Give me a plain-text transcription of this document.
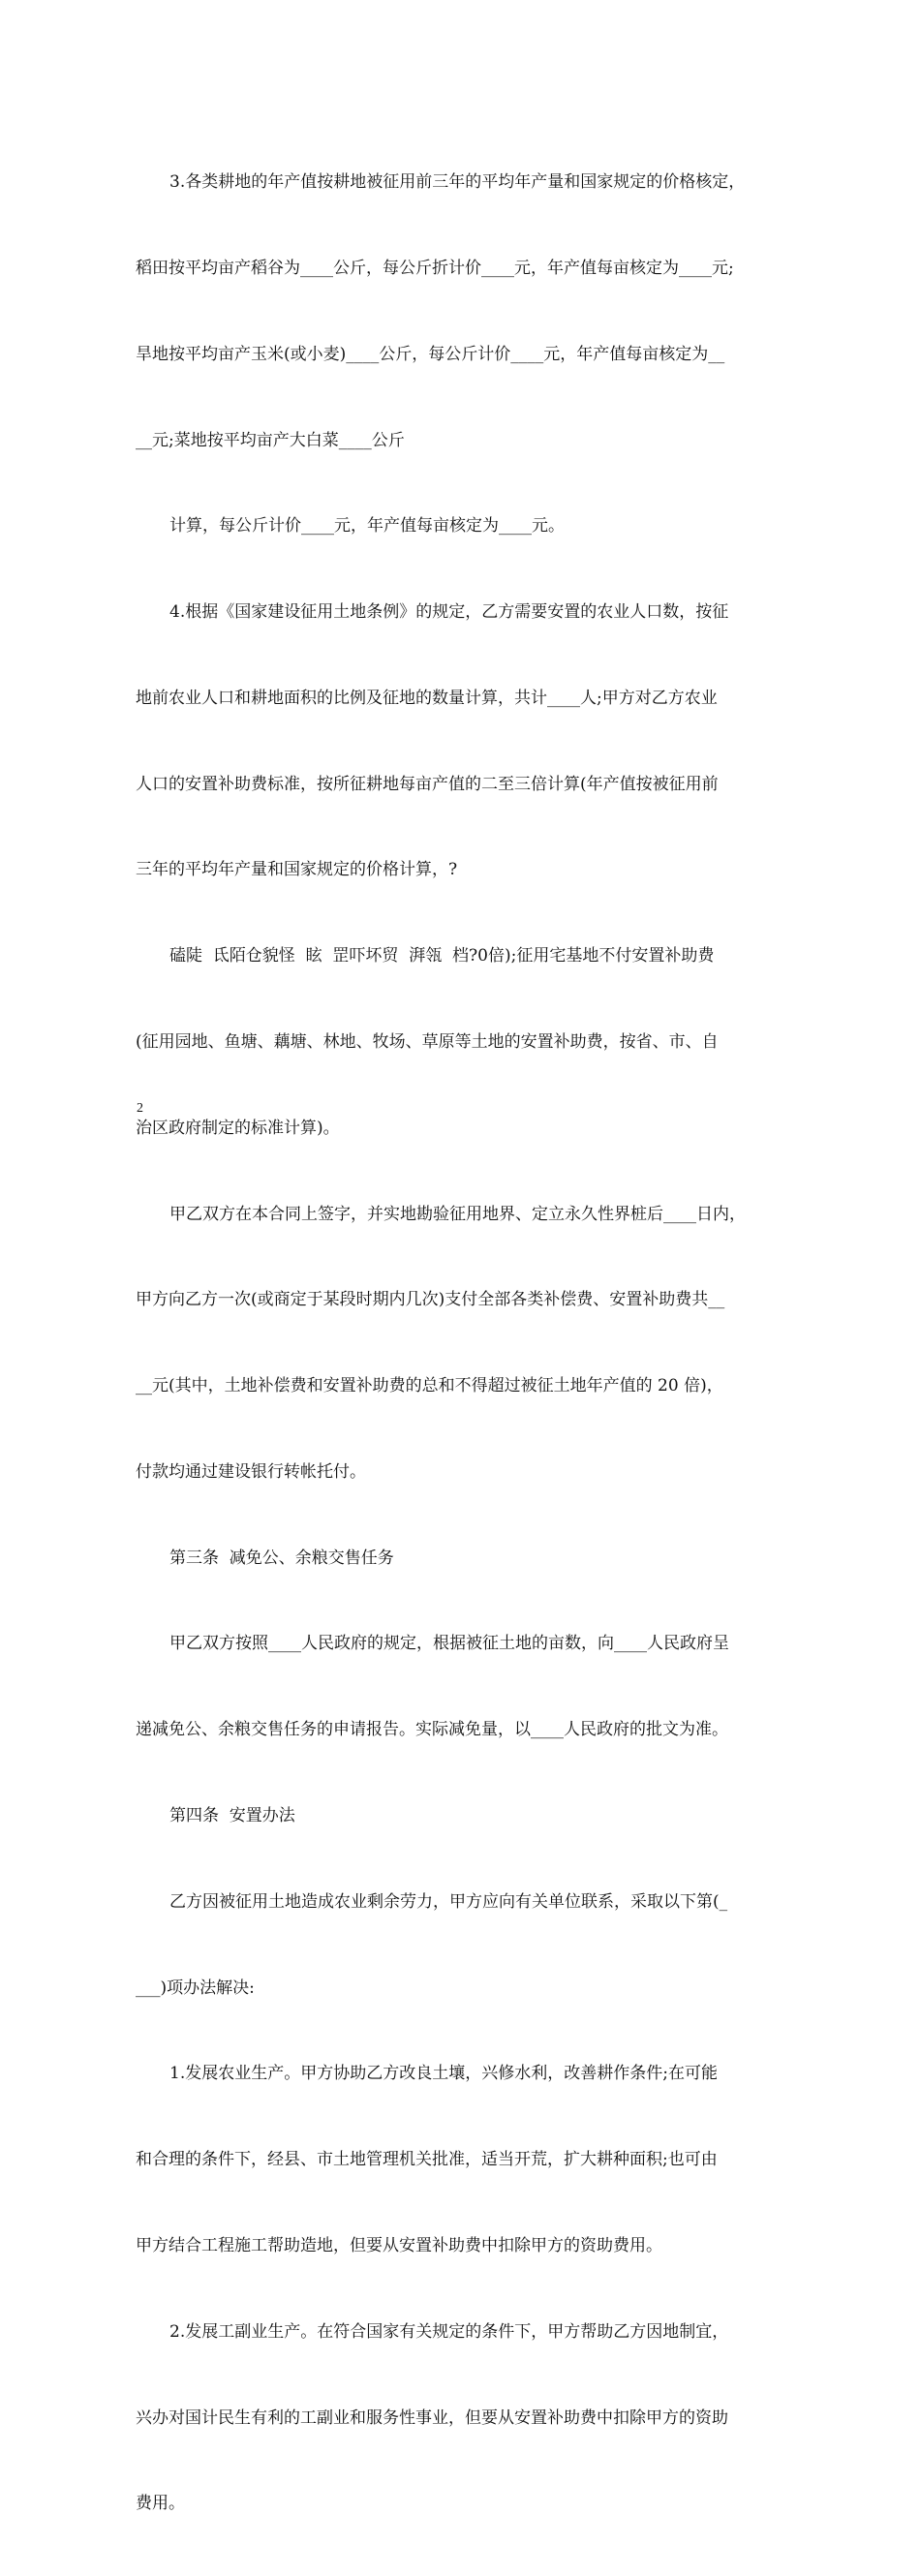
3.各类耕地的年产值按耕地被征用前三年的平均年产量和国家规定的价格核定，

稻田按平均亩产稻谷为____公斤，每公斤折计价____元，年产值每亩核定为____元;

旱地按平均亩产玉米(或小麦)____公斤，每公斤计价____元，年产值每亩核定为__

__元;菜地按平均亩产大白菜____公斤

计算，每公斤计价____元，年产值每亩核定为____元。

4.根据《国家建设征用土地条例》的规定，乙方需要安置的农业人口数，按征

地前农业人口和耕地面积的比例及征地的数量计算，共计____人;甲方对乙方农业

人口的安置补助费标准，按所征耕地每亩产值的二至三倍计算(年产值按被征用前

三年的平均年产量和国家规定的价格计算，?

磕陡  氐陌仓貌怪  眩  罡吓坏贸  湃瓴  档?0倍);征用宅基地不付安置补助费

(征用园地、鱼塘、藕塘、林地、牧场、草原等土地的安置补助费，按省、市、自

治区政府制定的标准计算)。

甲乙双方在本合同上签字，并实地勘验征用地界、定立永久性界桩后____日内，

甲方向乙方一次(或商定于某段时期内几次)支付全部各类补偿费、安置补助费共__

__元(其中，土地补偿费和安置补助费的总和不得超过被征土地年产值的 20 倍)，

付款均通过建设银行转帐托付。

第三条  减免公、余粮交售任务

甲乙双方按照____人民政府的规定，根据被征土地的亩数，向____人民政府呈

递减免公、余粮交售任务的申请报告。实际减免量，以____人民政府的批文为准。

第四条  安置办法

乙方因被征用土地造成农业剩余劳力，甲方应向有关单位联系，采取以下第(_

___)项办法解决:

1.发展农业生产。甲方协助乙方改良土壤，兴修水利，改善耕作条件;在可能

和合理的条件下，经县、市土地管理机关批准，适当开荒，扩大耕种面积;也可由

甲方结合工程施工帮助造地，但要从安置补助费中扣除甲方的资助费用。

2.发展工副业生产。在符合国家有关规定的条件下，甲方帮助乙方因地制宜，

兴办对国计民生有利的工副业和服务性事业，但要从安置补助费中扣除甲方的资助

费用。

2
